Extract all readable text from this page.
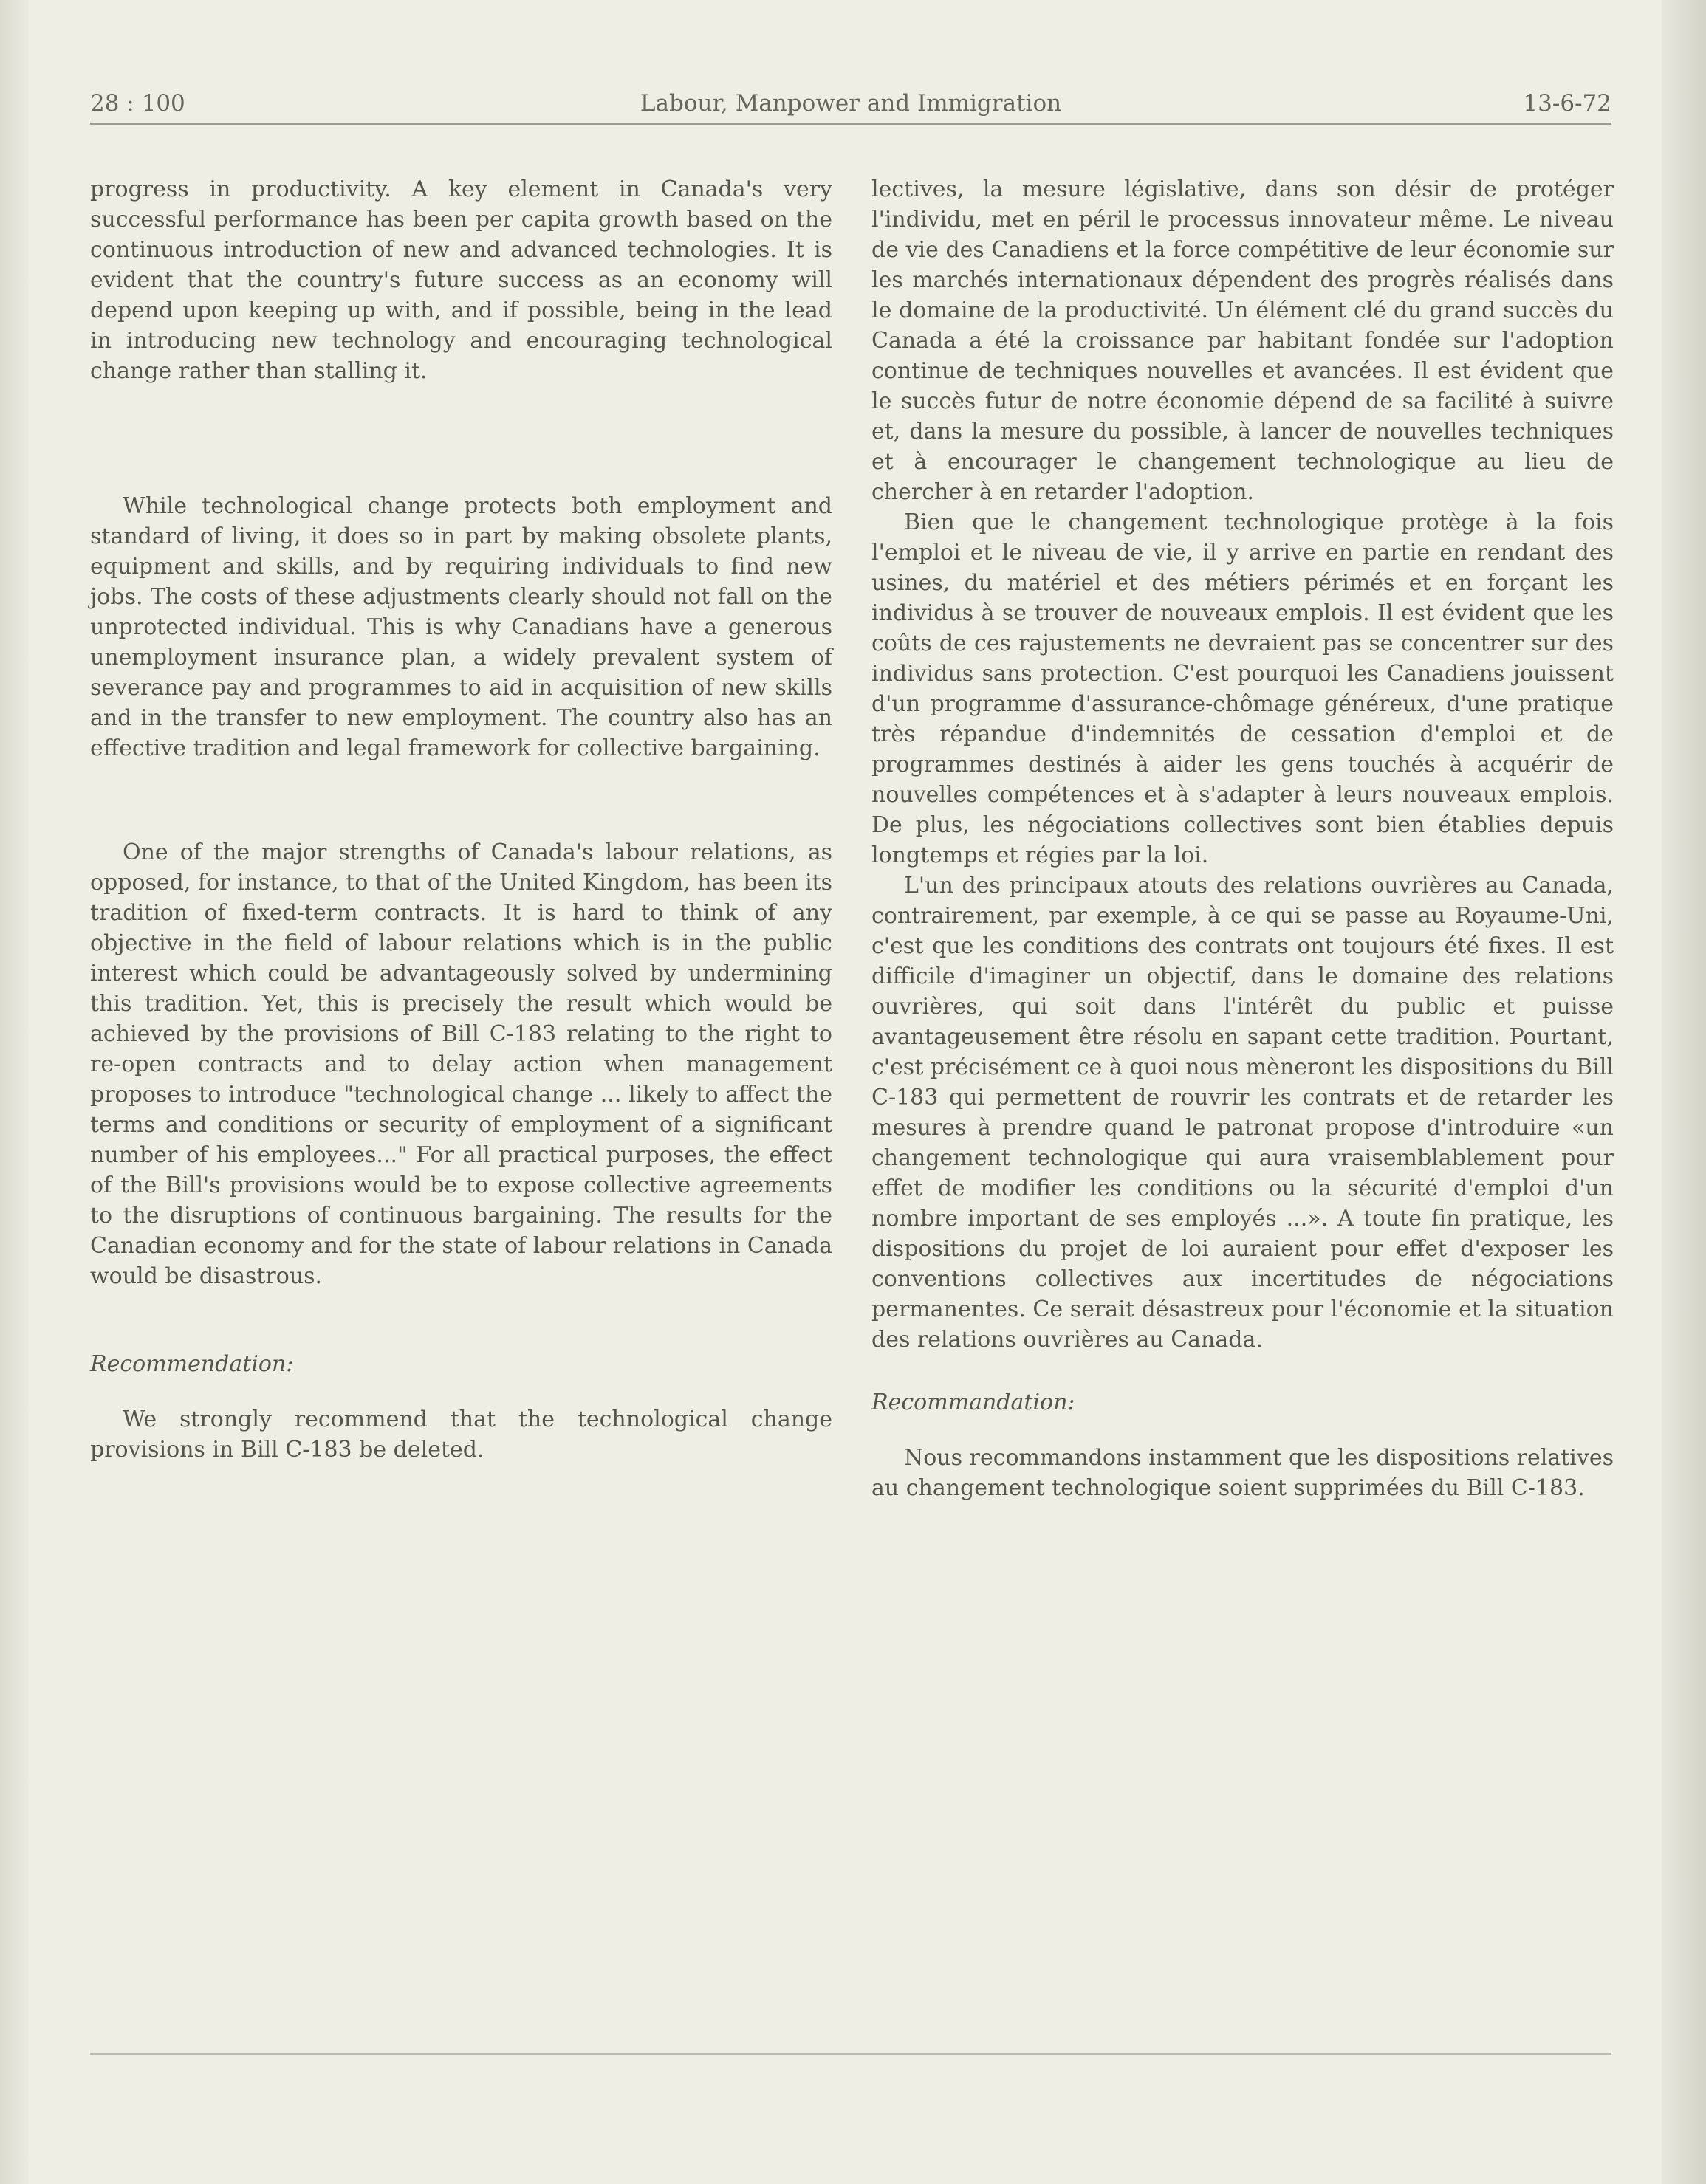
28 : 100	Labour, Manpower and Immigration	13-6-72

progress in productivity. A key element in Canada's very successful performance has been per capita growth based on the continuous introduction of new and advanced technologies. It is evident that the country's future success as an economy will depend upon keeping up with, and if possible, being in the lead in introducing new technology and encouraging technological change rather than stalling it.

While technological change protects both employment and standard of living, it does so in part by making obsolete plants, equipment and skills, and by requiring individuals to find new jobs. The costs of these adjustments clearly should not fall on the unprotected individual. This is why Canadians have a generous unemployment insurance plan, a widely prevalent system of severance pay and programmes to aid in acquisition of new skills and in the transfer to new employment. The country also has an effective tradition and legal framework for collective bargaining.

One of the major strengths of Canada's labour relations, as opposed, for instance, to that of the United Kingdom, has been its tradition of fixed-term contracts. It is hard to think of any objective in the field of labour relations which is in the public interest which could be advantageously solved by undermining this tradition. Yet, this is precisely the result which would be achieved by the provisions of Bill C-183 relating to the right to re-open contracts and to delay action when management proposes to introduce "technological change ... likely to affect the terms and conditions or security of employment of a significant number of his employees..." For all practical purposes, the effect of the Bill's provisions would be to expose collective agreements to the disruptions of continuous bargaining. The results for the Canadian economy and for the state of labour relations in Canada would be disastrous.

Recommendation:

We strongly recommend that the technological change provisions in Bill C-183 be deleted.

lectives, la mesure législative, dans son désir de protéger l'individu, met en péril le processus innovateur même. Le niveau de vie des Canadiens et la force compétitive de leur économie sur les marchés internationaux dépendent des progrès réalisés dans le domaine de la productivité. Un élément clé du grand succès du Canada a été la croissance par habitant fondée sur l'adoption continue de techniques nouvelles et avancées. Il est évident que le succès futur de notre économie dépend de sa facilité à suivre et, dans la mesure du possible, à lancer de nouvelles techniques et à encourager le changement technologique au lieu de chercher à en retarder l'adoption.

Bien que le changement technologique protège à la fois l'emploi et le niveau de vie, il y arrive en partie en rendant des usines, du matériel et des métiers périmés et en forçant les individus à se trouver de nouveaux emplois. Il est évident que les coûts de ces rajustements ne devraient pas se concentrer sur des individus sans protection. C'est pourquoi les Canadiens jouissent d'un programme d'assurance-chômage généreux, d'une pratique très répandue d'indemnités de cessation d'emploi et de programmes destinés à aider les gens touchés à acquérir de nouvelles compétences et à s'adapter à leurs nouveaux emplois. De plus, les négociations collectives sont bien établies depuis longtemps et régies par la loi.

L'un des principaux atouts des relations ouvrières au Canada, contrairement, par exemple, à ce qui se passe au Royaume-Uni, c'est que les conditions des contrats ont toujours été fixes. Il est difficile d'imaginer un objectif, dans le domaine des relations ouvrières, qui soit dans l'intérêt du public et puisse avantageusement être résolu en sapant cette tradition. Pourtant, c'est précisément ce à quoi nous mèneront les dispositions du Bill C-183 qui permettent de rouvrir les contrats et de retarder les mesures à prendre quand le patronat propose d'introduire «un changement technologique qui aura vraisemblablement pour effet de modifier les conditions ou la sécurité d'emploi d'un nombre important de ses employés ...». A toute fin pratique, les dispositions du projet de loi auraient pour effet d'exposer les conventions collectives aux incertitudes de négociations permanentes. Ce serait désastreux pour l'économie et la situation des relations ouvrières au Canada.

Recommandation:

Nous recommandons instamment que les dispositions relatives au changement technologique soient supprimées du Bill C-183.
